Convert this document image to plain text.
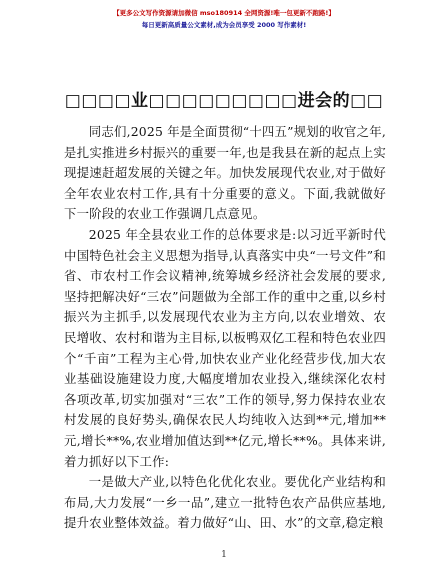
【更多公文写作资源请加微信 mso180914 全网资源!唯一包更新不跑路!】
每日更新高质量公文素材,成为会员享受 2000 写作素材!
□□□□业□□□□□□□□□进会的□□

同志们,2025 年是全面贯彻“十四五”规划的收官之年,是扎实推进乡村振兴的重要一年,也是我县在新的起点上实现提速赶超发展的关键之年。加快发展现代农业,对于做好全年农业农村工作,具有十分重要的意义。下面,我就做好下一阶段的农业工作强调几点意见。

2025 年全县农业工作的总体要求是:以习近平新时代中国特色社会主义思想为指导,认真落实中央“一号文件”和省、市农村工作会议精神,统筹城乡经济社会发展的要求,坚持把解决好“三农”问题做为全部工作的重中之重,以乡村振兴为主抓手,以发展现代农业为主方向,以农业增效、农民增收、农村和谐为主目标,以板鸭双亿工程和特色农业四个“千亩”工程为主心骨,加快农业产业化经营步伐,加大农业基础设施建设力度,大幅度增加农业投入,继续深化农村各项改革,切实加强对“三农”工作的领导,努力保持农业农村发展的良好势头,确保农民人均纯收入达到**元,增加**元,增长**%,农业增加值达到**亿元,增长**%。具体来讲,着力抓好以下工作:

一是做大产业,以特色化优化农业。要优化产业结构和布局,大力发展“一乡一品”,建立一批特色农产品供应基地,提升农业整体效益。着力做好“山、田、水”的文章,稳定粮

1
